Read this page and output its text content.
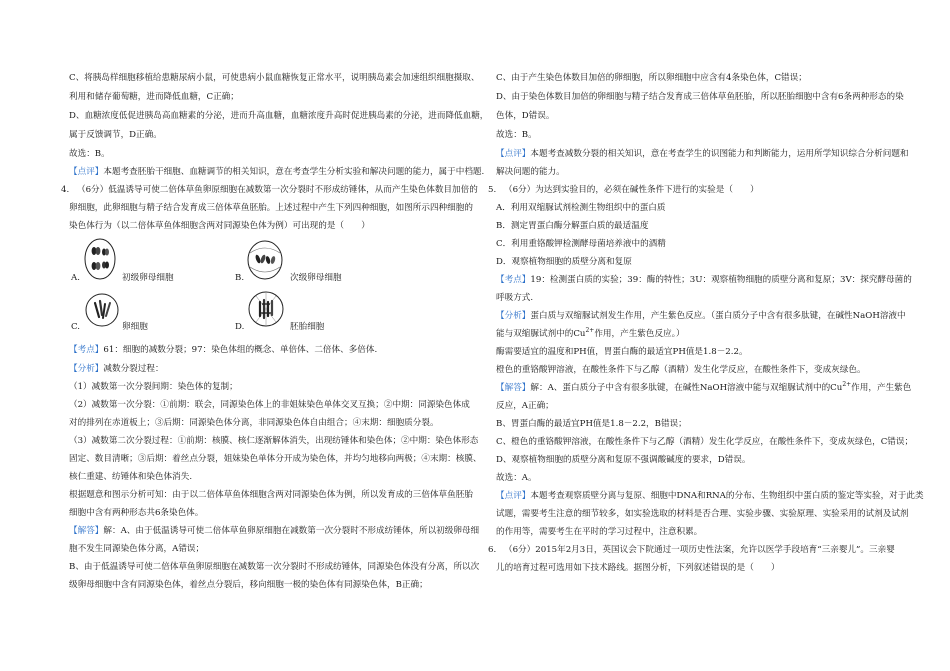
C、将胰岛样细胞移植给患糖尿病小鼠，可使患病小鼠血糖恢复正常水平，说明胰岛素会加速组织细胞摄取、
利用和储存葡萄糖，进而降低血糖，C正确；
D、血糖浓度低促进胰岛高血糖素的分泌，进而升高血糖，血糖浓度升高时促进胰岛素的分泌，进而降低血糖，
属于反馈调节，D正确。
故选：B。
【点评】本题考查胚胎干细胞、血糖调节的相关知识，意在考查学生分析实验和解决问题的能力，属于中档题.
4. （6分）低温诱导可使二倍体草鱼卵原细胞在减数第一次分裂时不形成纺锤体，从而产生染色体数目加倍的
卵细胞，此卵细胞与精子结合发育成三倍体草鱼胚胎。上述过程中产生下列四种细胞，如图所示四种细胞的
染色体行为（以二倍体草鱼体细胞含两对同源染色体为例）可出现的是（　　）
A.	初级卵母细胞	B.	次级卵母细胞
C.	卵细胞	D.	胚胎细胞
【考点】61：细胞的减数分裂；97：染色体组的概念、单倍体、二倍体、多倍体.
【分析】减数分裂过程：
（1）减数第一次分裂间期：染色体的复制；
（2）减数第一次分裂：①前期：联会，同源染色体上的非姐妹染色单体交叉互换；②中期：同源染色体成
对的排列在赤道板上；③后期：同源染色体分离，非同源染色体自由组合；④末期：细胞质分裂。
（3）减数第二次分裂过程：①前期：核膜、核仁逐渐解体消失，出现纺锤体和染色体；②中期：染色体形态
固定、数目清晰；③后期：着丝点分裂，姐妹染色单体分开成为染色体，并均匀地移向两极；④末期：核膜、
核仁重建、纺锤体和染色体消失.
根据题意和图示分析可知：由于以二倍体草鱼体细胞含两对同源染色体为例，所以发育成的三倍体草鱼胚胎
细胞中含有两种形态共6条染色体。
【解答】解：A、由于低温诱导可使二倍体草鱼卵原细胞在减数第一次分裂时不形成纺锤体，所以初级卵母细
胞不发生同源染色体分离，A错误；
B、由于低温诱导可使二倍体草鱼卵原细胞在减数第一次分裂时不形成纺锤体，同源染色体没有分离，所以次
级卵母细胞中含有同源染色体，着丝点分裂后，移向细胞一极的染色体有同源染色体，B正确；
C、由于产生染色体数目加倍的卵细胞，所以卵细胞中应含有4条染色体，C错误；
D、由于染色体数目加倍的卵细胞与精子结合发育成三倍体草鱼胚胎，所以胚胎细胞中含有6条两种形态的染
色体，D错误。
故选：B。
【点评】本题考查减数分裂的相关知识，意在考查学生的识图能力和判断能力，运用所学知识综合分析问题和
解决问题的能力。
5. （6分）为达到实验目的，必须在碱性条件下进行的实验是（　　）
A．利用双缩脲试剂检测生物组织中的蛋白质
B．测定胃蛋白酶分解蛋白质的最适温度
C．利用重铬酸钾检测酵母菌培养液中的酒精
D．观察植物细胞的质壁分离和复原
【考点】19：检测蛋白质的实验；39：酶的特性；3U：观察植物细胞的质壁分离和复原；3V：探究酵母菌的
呼吸方式.
【分析】蛋白质与双缩脲试剂发生作用，产生紫色反应。（蛋白质分子中含有很多肽键，在碱性NaOH溶液中
能与双缩脲试剂中的$Cu^{2+}$作用，产生紫色反应。）
酶需要适宜的温度和PH值，胃蛋白酶的最适宜PH值是1.8－2.2。
橙色的重铬酸钾溶液，在酸性条件下与乙醇（酒精）发生化学反应，在酸性条件下，变成灰绿色。
【解答】解：A、蛋白质分子中含有很多肽键，在碱性NaOH溶液中能与双缩脲试剂中的$Cu^{2+}$作用，产生紫色
反应，A正确；
B、胃蛋白酶的最适宜PH值是1.8－2.2，B错误；
C、橙色的重铬酸钾溶液，在酸性条件下与乙醇（酒精）发生化学反应，在酸性条件下，变成灰绿色，C错误；
D、观察植物细胞的质壁分离和复原不强调酸碱度的要求，D错误。
故选：A。
【点评】本题考查观察质壁分离与复原、细胞中DNA和RNA的分布、生物组织中蛋白质的鉴定等实验，对于此类
试题，需要考生注意的细节较多，如实验选取的材料是否合理、实验步骤、实验原理、实验采用的试剂及试剂
的作用等，需要考生在平时的学习过程中，注意积累。
6. （6分）2015年2月3日，英国议会下院通过一项历史性法案，允许以医学手段培育“三亲婴儿”。三亲婴
儿的培育过程可选用如下技术路线。据图分析，下列叙述错误的是（　　）
